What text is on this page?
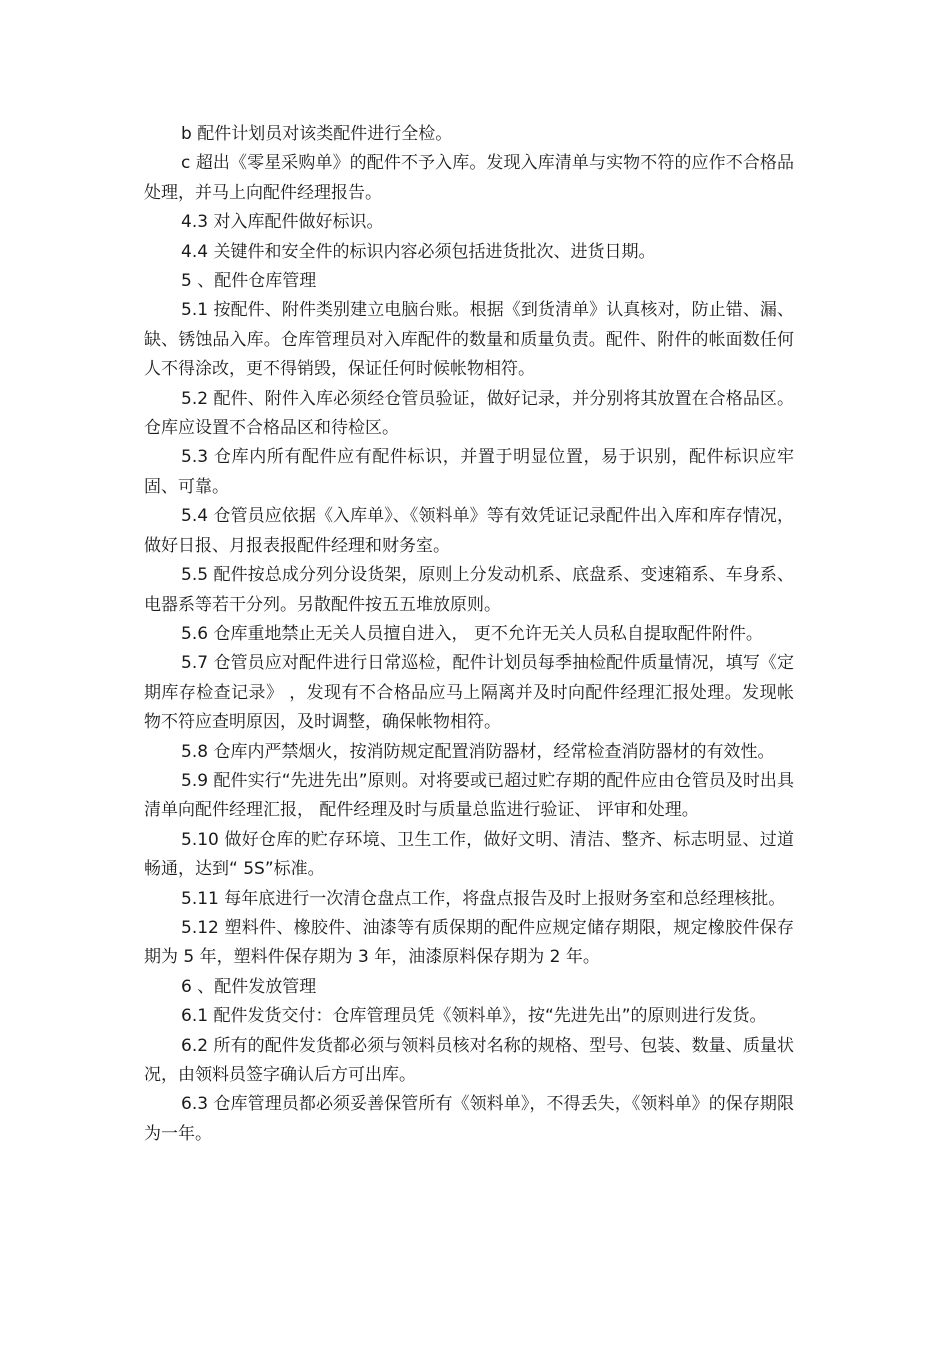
b 配件计划员对该类配件进行全检。

c 超出《零星采购单》的配件不予入库。发现入库清单与实物不符的应作不合格品处理，并马上向配件经理报告。

4.3 对入库配件做好标识。

4.4 关键件和安全件的标识内容必须包括进货批次、进货日期。

5 、配件仓库管理

5.1 按配件、附件类别建立电脑台账。根据《到货清单》认真核对，防止错、漏、缺、锈蚀品入库。仓库管理员对入库配件的数量和质量负责。配件、附件的帐面数任何人不得涂改，更不得销毁，保证任何时候帐物相符。

5.2 配件、附件入库必须经仓管员验证，做好记录，并分别将其放置在合格品区。仓库应设置不合格品区和待检区。

5.3 仓库内所有配件应有配件标识，并置于明显位置，易于识别，配件标识应牢固、可靠。

5.4 仓管员应依据《入库单》、《领料单》等有效凭证记录配件出入库和库存情况，做好日报、月报表报配件经理和财务室。

5.5 配件按总成分列分设货架，原则上分发动机系、底盘系、变速箱系、车身系、电器系等若干分列。另散配件按五五堆放原则。

5.6 仓库重地禁止无关人员擅自进入， 更不允许无关人员私自提取配件附件。

5.7 仓管员应对配件进行日常巡检，配件计划员每季抽检配件质量情况，填写《定期库存检查记录》 ，发现有不合格品应马上隔离并及时向配件经理汇报处理。发现帐物不符应查明原因，及时调整，确保帐物相符。

5.8 仓库内严禁烟火，按消防规定配置消防器材，经常检查消防器材的有效性。

5.9 配件实行“先进先出”原则。对将要或已超过贮存期的配件应由仓管员及时出具清单向配件经理汇报， 配件经理及时与质量总监进行验证、 评审和处理。

5.10 做好仓库的贮存环境、卫生工作，做好文明、清洁、整齐、标志明显、过道畅通，达到“ 5S”标准。

5.11 每年底进行一次清仓盘点工作，将盘点报告及时上报财务室和总经理核批。

5.12 塑料件、橡胶件、油漆等有质保期的配件应规定储存期限，规定橡胶件保存期为 5 年，塑料件保存期为 3 年，油漆原料保存期为 2 年。

6 、配件发放管理

6.1 配件发货交付：仓库管理员凭《领料单》，按“先进先出”的原则进行发货。

6.2 所有的配件发货都必须与领料员核对名称的规格、型号、包装、数量、质量状况，由领料员签字确认后方可出库。

6.3 仓库管理员都必须妥善保管所有《领料单》，不得丢失，《领料单》的保存期限为一年。
